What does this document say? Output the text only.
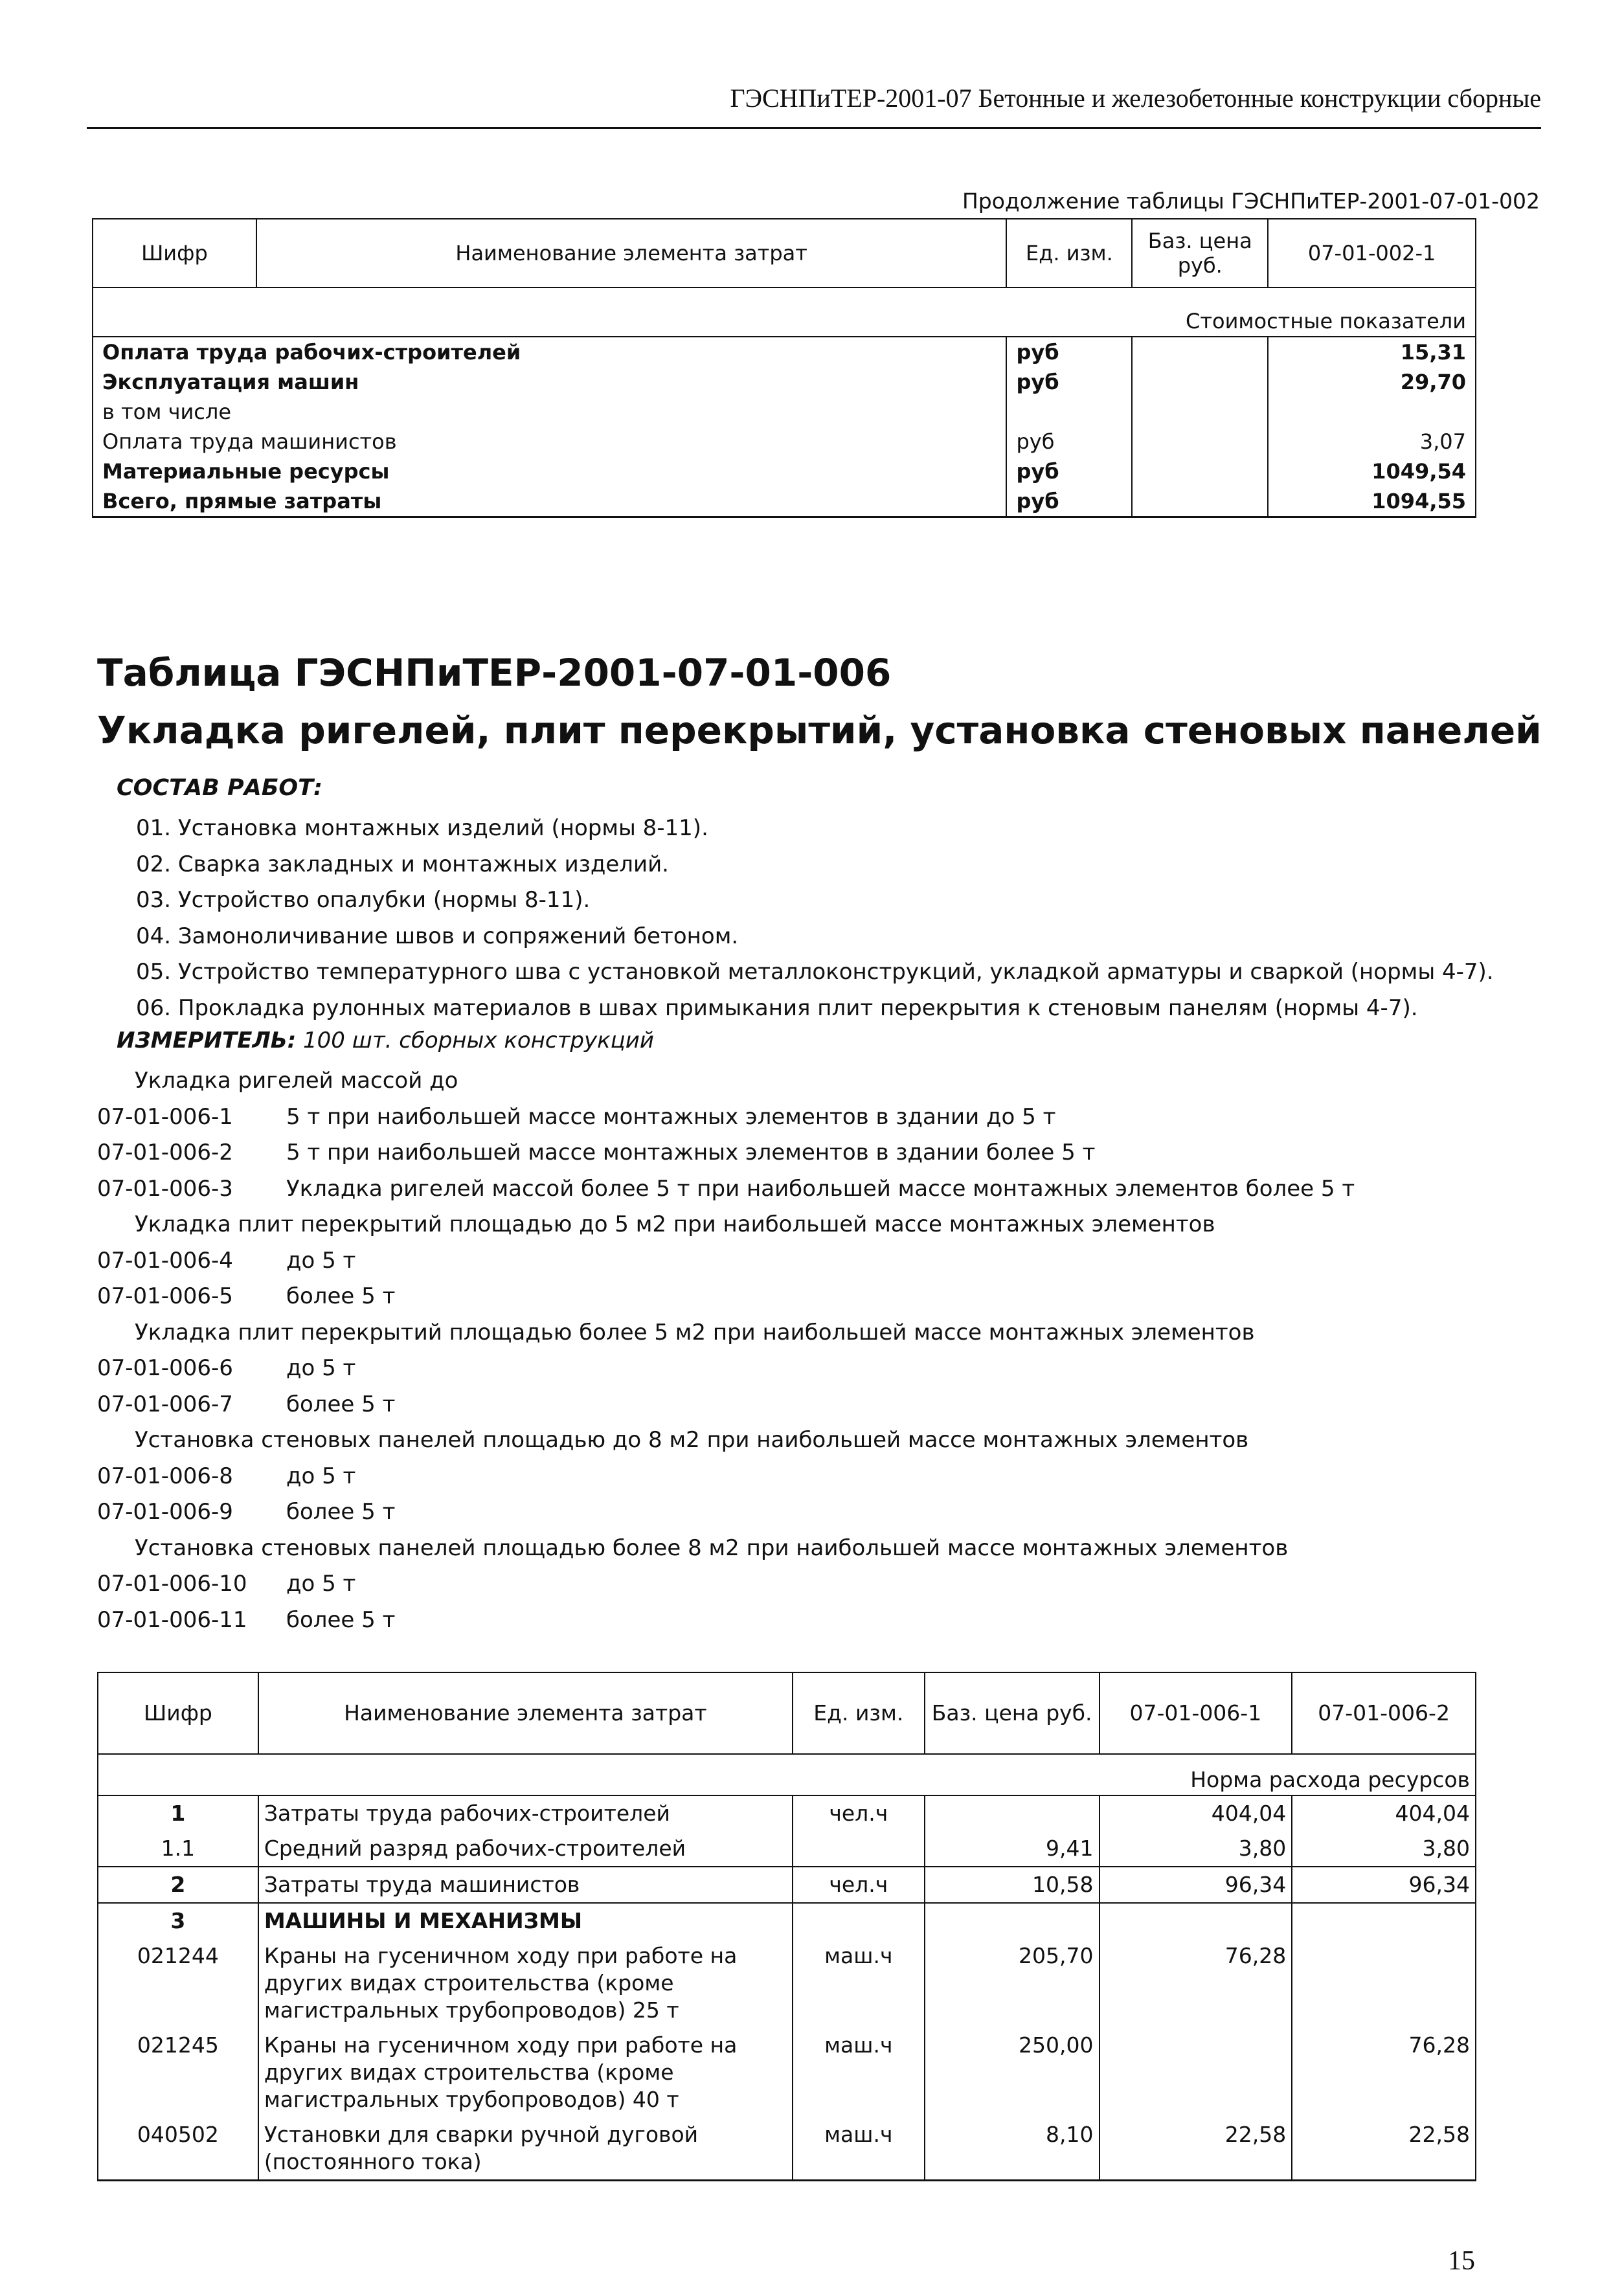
ГЭСНПиТЕР-2001-07 Бетонные и железобетонные конструкции сборные
Продолжение таблицы ГЭСНПиТЕР-2001-07-01-002
Шифр	Наименование элемента затрат	Ед. изм.	Баз. цена руб.	07-01-002-1
Стоимостные показатели				
Оплата труда рабочих-строителей		руб		15,31
Эксплуатация машин		руб		29,70
в том числе				
Оплата труда машинистов		руб		3,07
Материальные ресурсы		руб		1049,54
Всего, прямые затраты		руб		1094,55
Таблица ГЭСНПиТЕР-2001-07-01-006
Укладка ригелей, плит перекрытий, установка стеновых панелей
СОСТАВ РАБОТ:
01. Установка монтажных изделий (нормы 8-11).
02. Сварка закладных и монтажных изделий.
03. Устройство опалубки (нормы 8-11).
04. Замоноличивание швов и сопряжений бетоном.
05. Устройство температурного шва с установкой металлоконструкций, укладкой арматуры и сваркой (нормы 4-7).
06. Прокладка рулонных материалов в швах примыкания плит перекрытия к стеновым панелям (нормы 4-7).
ИЗМЕРИТЕЛЬ: 100 шт. сборных конструкций
Укладка ригелей массой до
07-01-006-1 5 т при наибольшей массе монтажных элементов в здании до 5 т
07-01-006-2 5 т при наибольшей массе монтажных элементов в здании более 5 т
07-01-006-3 Укладка ригелей массой более 5 т при наибольшей массе монтажных элементов более 5 т
Укладка плит перекрытий площадью до 5 м2 при наибольшей массе монтажных элементов
07-01-006-4 до 5 т
07-01-006-5 более 5 т
Укладка плит перекрытий площадью более 5 м2 при наибольшей массе монтажных элементов
07-01-006-6 до 5 т
07-01-006-7 более 5 т
Установка стеновых панелей площадью до 8 м2 при наибольшей массе монтажных элементов
07-01-006-8 до 5 т
07-01-006-9 более 5 т
Установка стеновых панелей площадью более 8 м2 при наибольшей массе монтажных элементов
07-01-006-10 до 5 т
07-01-006-11 более 5 т
Шифр	Наименование элемента затрат	Ед. изм.	Баз. цена руб.	07-01-006-1	07-01-006-2
Норма расхода ресурсов					
1	Затраты труда рабочих-строителей	чел.ч		404,04	404,04
1.1	Средний разряд рабочих-строителей		9,41	3,80	3,80
2	Затраты труда машинистов	чел.ч	10,58	96,34	96,34
3	МАШИНЫ И МЕХАНИЗМЫ				
021244	Краны на гусеничном ходу при работе на других видах строительства (кроме магистральных трубопроводов) 25 т	маш.ч	205,70	76,28	
021245	Краны на гусеничном ходу при работе на других видах строительства (кроме магистральных трубопроводов) 40 т	маш.ч	250,00		76,28
040502	Установки для сварки ручной дуговой (постоянного тока)	маш.ч	8,10	22,58	22,58
15
